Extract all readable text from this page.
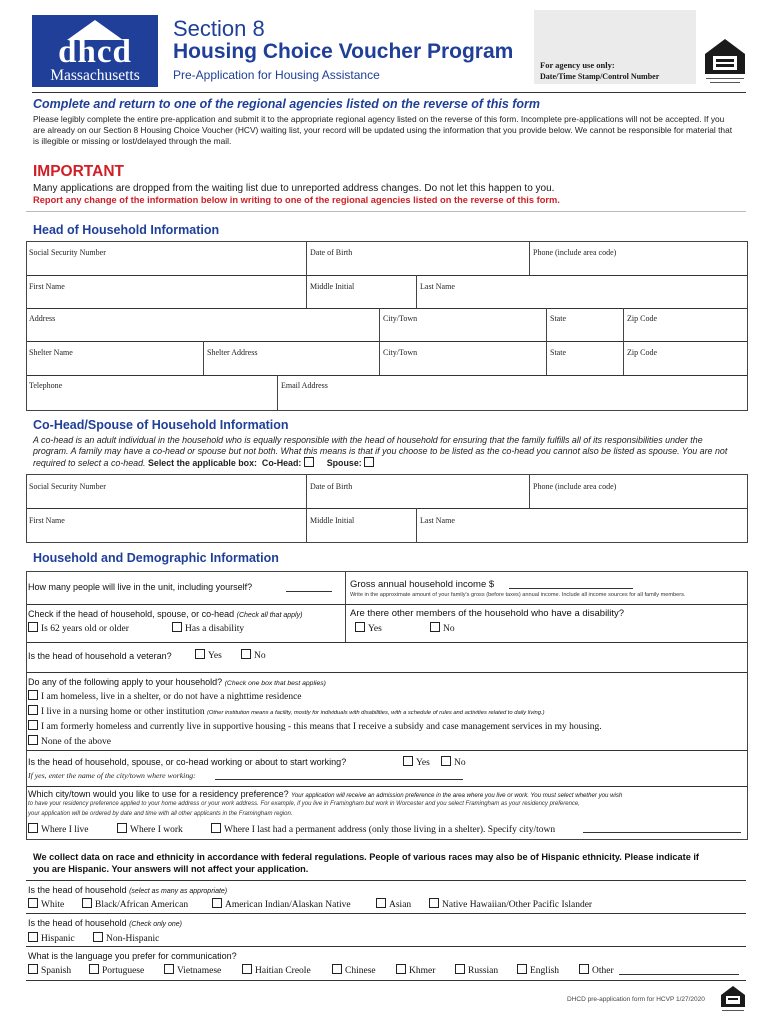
dhcd
Massachusetts
Section 8
Housing Choice Voucher Program
Pre-Application for Housing Assistance
For agency use only:
Date/Time Stamp/Control Number
Complete and return to one of the regional agencies listed on the reverse of this form
Please legibly complete the entire pre-application and submit it to the appropriate regional agency listed on the reverse of this form. Incomplete pre-applications will not be accepted. If you are already on our Section 8 Housing Choice Voucher (HCV) waiting list, your record will be updated using the information that you provide below. We cannot be responsible for material that is illegible or missing or lost/delayed through the mail.
IMPORTANT
Many applications are dropped from the waiting list due to unreported address changes. Do not let this happen to you.
Report any change of the information below in writing to one of the regional agencies listed on the reverse of this form.
Head of Household Information
Social Security Number	Date of Birth	Phone (include area code)
First Name	Middle Initial	Last Name
Address	City/Town	State	Zip Code
Shelter Name	Shelter Address	City/Town	State	Zip Code
Telephone	Email Address
Co-Head/Spouse of Household Information
A co-head is an adult individual in the household who is equally responsible with the head of household for ensuring that the family fulfills all of its responsibilities under the program. A family may have a co-head or spouse but not both. What this means is that if you choose to be listed as the co-head you cannot also be listed as spouse. You are not required to select a co-head. Select the applicable box: Co-Head:	Spouse:
Social Security Number	Date of Birth	Phone (include area code)
First Name	Middle Initial	Last Name
Household and Demographic Information
How many people will live in the unit, including yourself?	Gross annual household income $
Write in the approximate amount of your family's gross (before taxes) annual income. Include all income sources for all family members.
Check if the head of household, spouse, or co-head (Check all that apply)
Is 62 years old or older	Has a disability
Are there other members of the household who have a disability?
Yes	No
Is the head of household a veteran?	Yes	No
Do any of the following apply to your household? (Check one box that best applies)
I am homeless, live in a shelter, or do not have a nighttime residence
I live in a nursing home or other institution (Other institution means a facility, mostly for individuals with disabilities, with a schedule of rules and activities related to daily living.)
I am formerly homeless and currently live in supportive housing - this means that I receive a subsidy and case management services in my housing.
None of the above
Is the head of household, spouse, or co-head working or about to start working?	Yes	No
If yes, enter the name of the city/town where working:
Which city/town would you like to use for a residency preference? Your application will receive an admission preference in the area where you live or work. You must select whether you wish
to have your residency preference applied to your home address or your work address. For example, if you live in Framingham but work in Worcester and you select Framingham as your residency preference,
your application will be ordered by date and time with all other applicants in the Framingham region.
Where I live	Where I work	Where I last had a permanent address (only those living in a shelter). Specify city/town
We collect data on race and ethnicity in accordance with federal regulations. People of various races may also be of Hispanic ethnicity. Please indicate if you are Hispanic. Your answers will not affect your application.
Is the head of household (select as many as appropriate)
White	Black/African American	American Indian/Alaskan Native	Asian	Native Hawaiian/Other Pacific Islander
Is the head of household (Check only one)
Hispanic	Non-Hispanic
What is the language you prefer for communication?
Spanish	Portuguese	Vietnamese	Haitian Creole	Chinese	Khmer	Russian	English	Other
DHCD pre-application form for HCVP 1/27/2020
